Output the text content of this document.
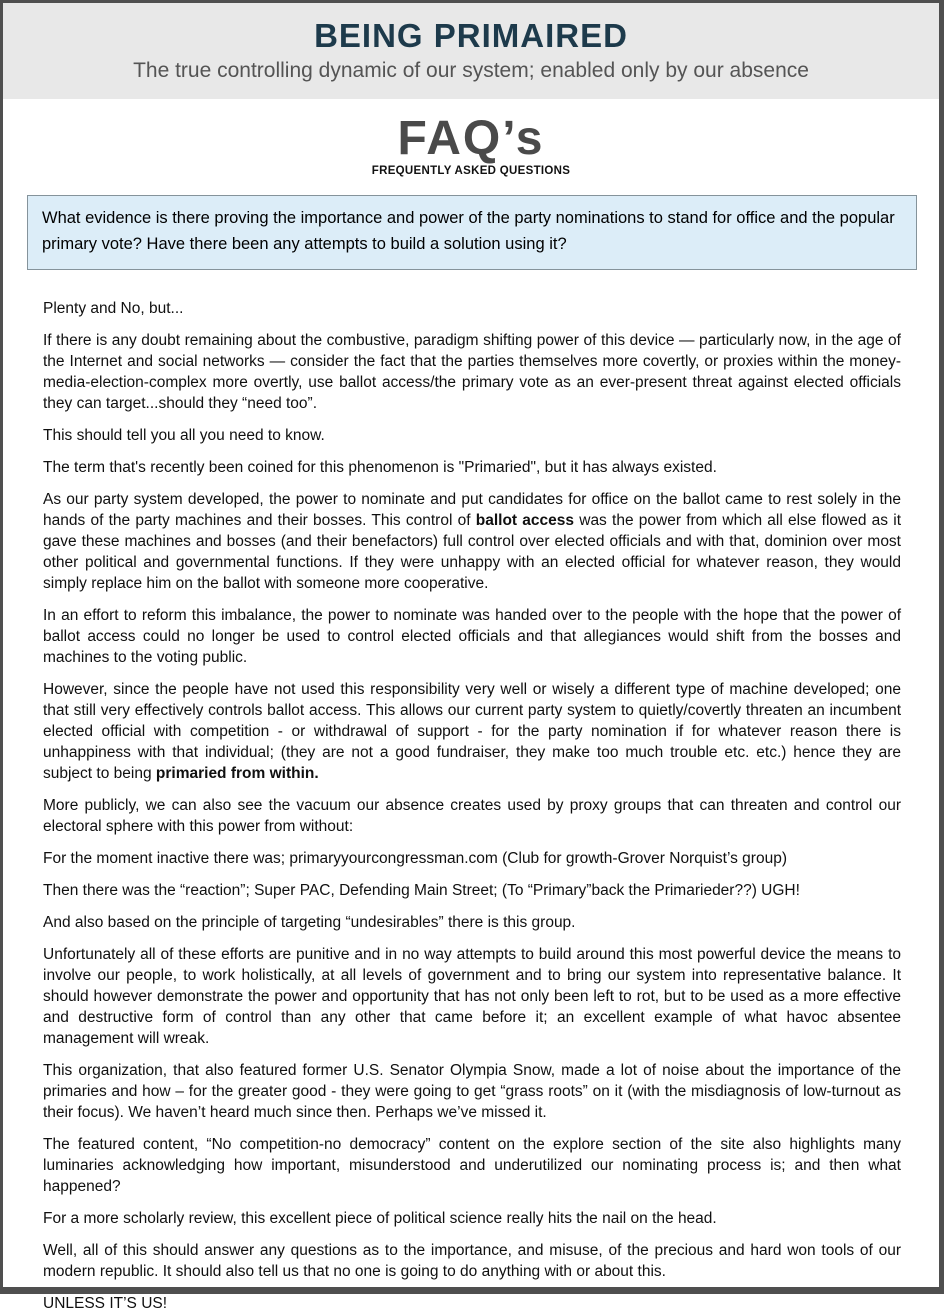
BEING PRIMAIRED
The true controlling dynamic of our system; enabled only by our absence
FAQ’s
FREQUENTLY ASKED QUESTIONS
What evidence is there proving the importance and power of the party nominations to stand for office and the popular primary vote? Have there been any attempts to build a solution using it?

Plenty and No, but...

If there is any doubt remaining about the combustive, paradigm shifting power of this device — particularly now, in the age of the Internet and social networks — consider the fact that the parties themselves more covertly, or proxies within the money-media-election-complex more overtly, use ballot access/the primary vote as an ever-present threat against elected officials they can target...should they “need too”.

This should tell you all you need to know.

The term that's recently been coined for this phenomenon is "Primaried", but it has always existed.

As our party system developed, the power to nominate and put candidates for office on the ballot came to rest solely in the hands of the party machines and their bosses. This control of ballot access was the power from which all else flowed as it gave these machines and bosses (and their benefactors) full control over elected officials and with that, dominion over most other political and governmental functions. If they were unhappy with an elected official for whatever reason, they would simply replace him on the ballot with someone more cooperative.

In an effort to reform this imbalance, the power to nominate was handed over to the people with the hope that the power of ballot access could no longer be used to control elected officials and that allegiances would shift from the bosses and machines to the voting public.

However, since the people have not used this responsibility very well or wisely a different type of machine developed; one that still very effectively controls ballot access. This allows our current party system to quietly/covertly threaten an incumbent elected official with competition - or withdrawal of support - for the party nomination if for whatever reason there is unhappiness with that individual; (they are not a good fundraiser, they make too much trouble etc. etc.) hence they are subject to being primaried from within.

More publicly, we can also see the vacuum our absence creates used by proxy groups that can threaten and control our electoral sphere with this power from without:

For the moment inactive there was; primaryyourcongressman.com (Club for growth-Grover Norquist’s group)

Then there was the “reaction”; Super PAC, Defending Main Street; (To “Primary”back the Primarieder??) UGH!

And also based on the principle of targeting “undesirables” there is this group.

Unfortunately all of these efforts are punitive and in no way attempts to build around this most powerful device the means to involve our people, to work holistically, at all levels of government and to bring our system into representative balance. It should however demonstrate the power and opportunity that has not only been left to rot, but to be used as a more effective and destructive form of control than any other that came before it; an excellent example of what havoc absentee management will wreak.

This organization, that also featured former U.S. Senator Olympia Snow, made a lot of noise about the importance of the primaries and how – for the greater good - they were going to get “grass roots” on it (with the misdiagnosis of low-turnout as their focus). We haven’t heard much since then. Perhaps we’ve missed it.

The featured content, “No competition-no democracy” content on the explore section of the site also highlights many luminaries acknowledging how important, misunderstood and underutilized our nominating process is; and then what happened?

For a more scholarly review, this excellent piece of political science really hits the nail on the head.

Well, all of this should answer any questions as to the importance, and misuse, of the precious and hard won tools of our modern republic. It should also tell us that no one is going to do anything with or about this.

UNLESS IT’S US!
